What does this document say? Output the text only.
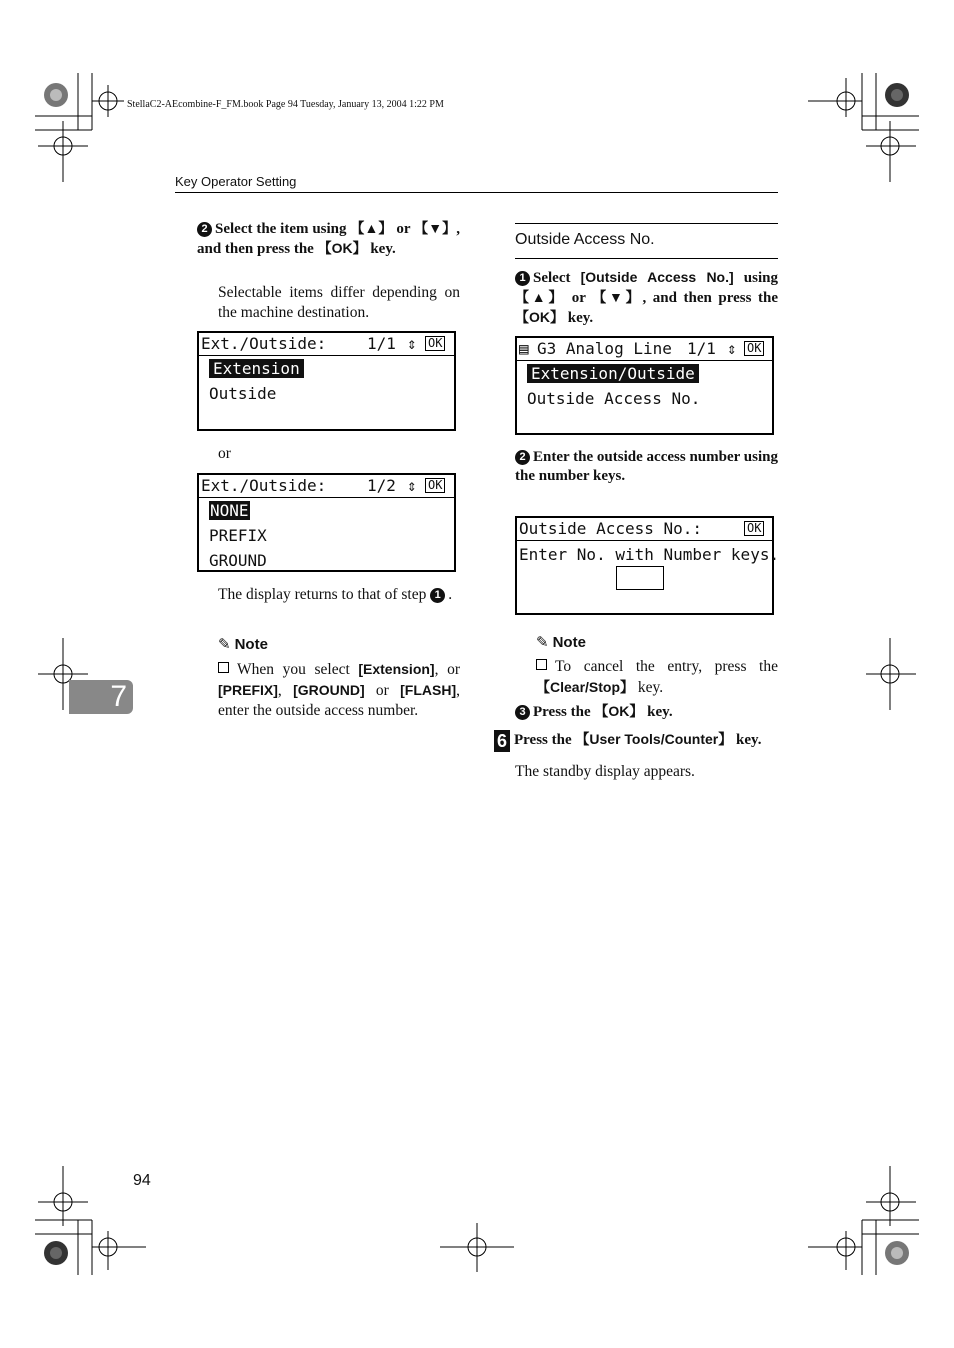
StellaC2-AEcombine-F_FM.book Page 94 Tuesday, January 13, 2004 1:22 PM
Key Operator Setting
2 Select the item using 【▲】 or 【▼】, and then press the 【OK】 key.
Selectable items differ depending on the machine destination.
Ext./Outside:	1/1 ⇕ OK
Extension
Outside
or
Ext./Outside:	1/2 ⇕ OK
NONE
PREFIX
GROUND
The display returns to that of step 1 .
✎ Note
When you select [Extension], or [PREFIX], [GROUND] or [FLASH], enter the outside access number.
Outside Access No.
1 Select [Outside Access No.] using 【▲】 or 【▼】, and then press the 【OK】 key.
▤ G3 Analog Line 1/1 ⇕ OK
Extension/Outside
Outside Access No.
2 Enter the outside access number using the number keys.
Outside Access No.:	OK
Enter No. with Number keys.
✎ Note
To cancel the entry, press the 【Clear/Stop】 key.
3 Press the 【OK】 key.
6 Press the 【User Tools/Counter】 key.
The standby display appears.
7
94
